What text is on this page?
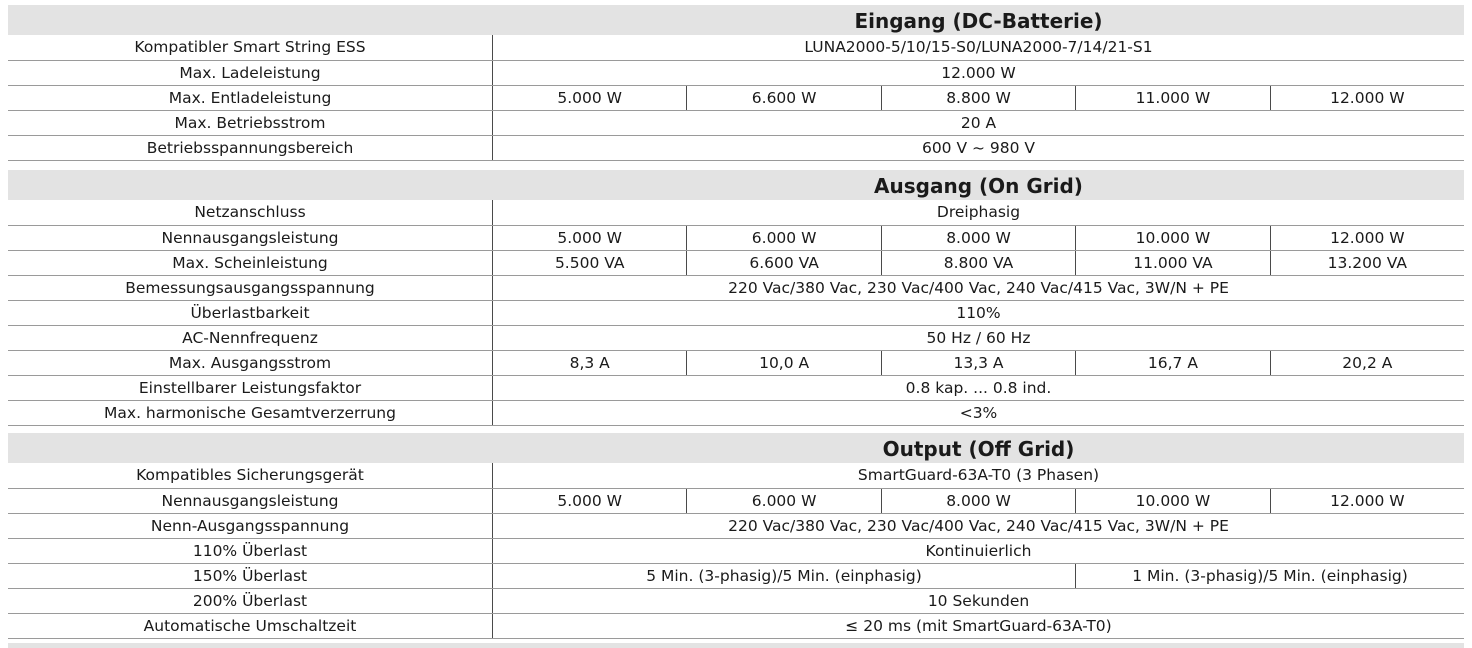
Eingang (DC-Batterie)
Kompatibler Smart String ESS	LUNA2000-5/10/15-S0/LUNA2000-7/14/21-S1
Max. Ladeleistung	12.000 W
Max. Entladeleistung	5.000 W	6.600 W	8.800 W	11.000 W	12.000 W
Max. Betriebsstrom	20 A
Betriebsspannungsbereich	600 V ~ 980 V
Ausgang (On Grid)
Netzanschluss	Dreiphasig
Nennausgangsleistung	5.000 W	6.000 W	8.000 W	10.000 W	12.000 W
Max. Scheinleistung	5.500 VA	6.600 VA	8.800 VA	11.000 VA	13.200 VA
Bemessungsausgangsspannung	220 Vac/380 Vac, 230 Vac/400 Vac, 240 Vac/415 Vac, 3W/N + PE
Überlastbarkeit	110%
AC-Nennfrequenz	50 Hz / 60 Hz
Max. Ausgangsstrom	8,3 A	10,0 A	13,3 A	16,7 A	20,2 A
Einstellbarer Leistungsfaktor	0.8 kap. ... 0.8 ind.
Max. harmonische Gesamtverzerrung	<3%
Output (Off Grid)
Kompatibles Sicherungsgerät	SmartGuard-63A-T0 (3 Phasen)
Nennausgangsleistung	5.000 W	6.000 W	8.000 W	10.000 W	12.000 W
Nenn-Ausgangsspannung	220 Vac/380 Vac, 230 Vac/400 Vac, 240 Vac/415 Vac, 3W/N + PE
110% Überlast	Kontinuierlich
150% Überlast	5 Min. (3-phasig)/5 Min. (einphasig)	1 Min. (3-phasig)/5 Min. (einphasig)
200% Überlast	10 Sekunden
Automatische Umschaltzeit	≤ 20 ms (mit SmartGuard-63A-T0)
